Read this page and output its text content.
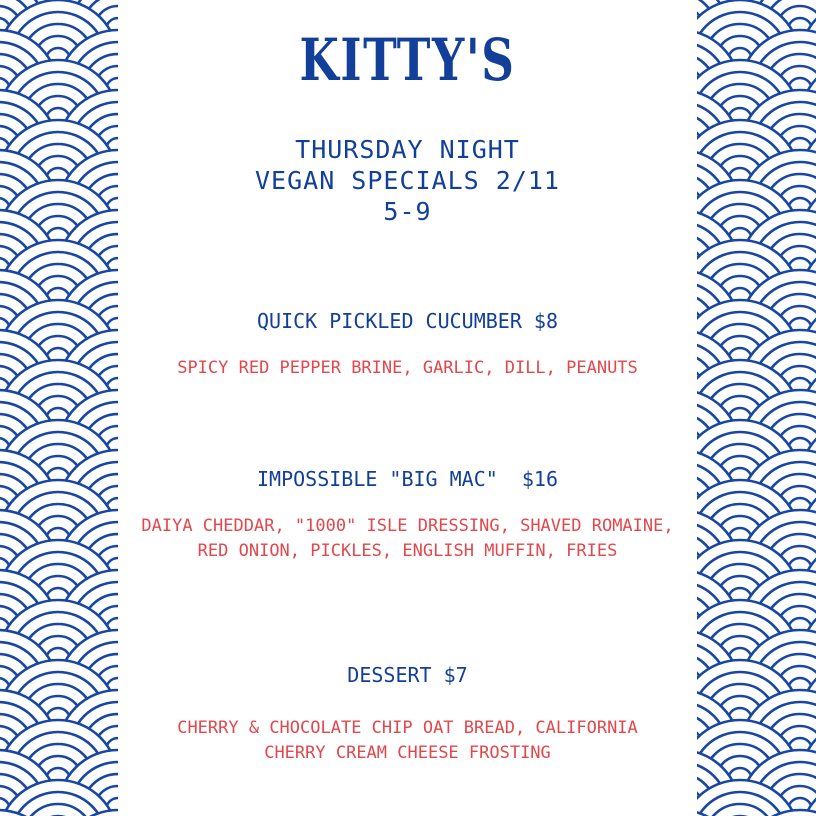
KITTY'S
THURSDAY NIGHT
VEGAN SPECIALS 2/11
5-9
QUICK PICKLED CUCUMBER $8
SPICY RED PEPPER BRINE, GARLIC, DILL, PEANUTS
IMPOSSIBLE "BIG MAC"  $16
DAIYA CHEDDAR, "1000" ISLE DRESSING, SHAVED ROMAINE,
RED ONION, PICKLES, ENGLISH MUFFIN, FRIES
DESSERT $7
CHERRY & CHOCOLATE CHIP OAT BREAD, CALIFORNIA
CHERRY CREAM CHEESE FROSTING
